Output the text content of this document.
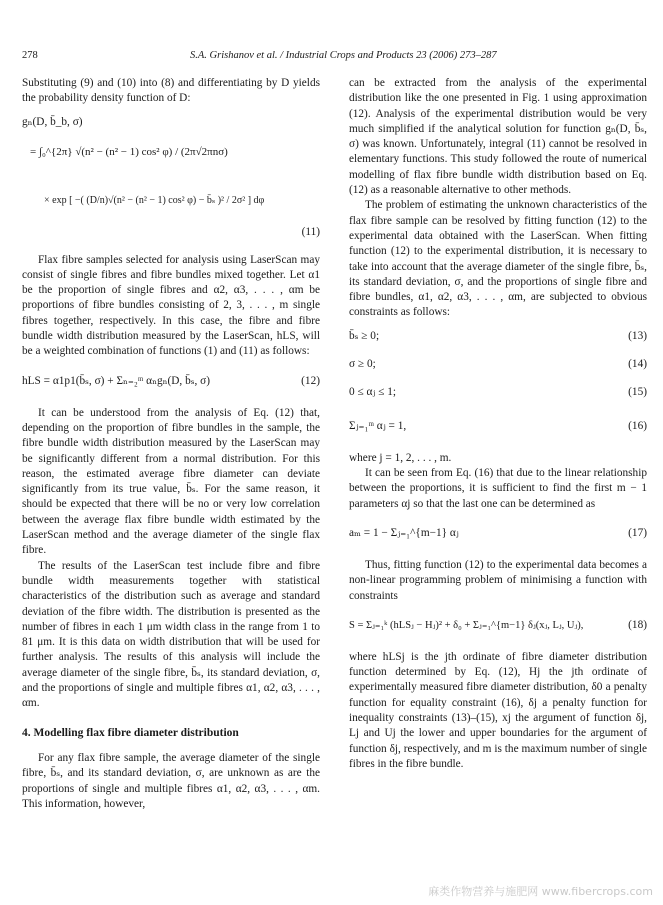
278	S.A. Grishanov et al. / Industrial Crops and Products 23 (2006) 273–287

Substituting (9) and (10) into (8) and differentiating by D yields the probability density function of D:

gₙ(D, b̄_b, σ)
= ∫₀^{2π} √(n² − (n² − 1) cos² φ) / (2π√2πnσ)
× exp [ −( (D/n)√(n² − (n² − 1) cos² φ) − b̄ₛ )² / 2σ² ] dφ
(11)

Flax fibre samples selected for analysis using LaserScan may consist of single fibres and fibre bundles mixed together. Let α1 be the proportion of single fibres and α2, α3, . . . , αm be proportions of fibre bundles consisting of 2, 3, . . . , m single fibres together, respectively. In this case, the fibre and fibre bundle width distribution measured by the LaserScan, hLS, will be a weighted combination of functions (1) and (11) as follows:

hLS = α1p1(b̄ₛ, σ) + Σₙ₌₂ᵐ αₙgₙ(D, b̄ₛ, σ)	(12)

It can be understood from the analysis of Eq. (12) that, depending on the proportion of fibre bundles in the sample, the fibre bundle width distribution measured by the LaserScan may be significantly different from a normal distribution. For this reason, the estimated average fibre diameter can deviate significantly from its true value, b̄ₛ. For the same reason, it should be expected that there will be no or very low correlation between the average flax fibre bundle width estimated by the LaserScan method and the average diameter of the single flax fibre.

The results of the LaserScan test include fibre and fibre bundle width measurements together with statistical characteristics of the distribution such as average and standard deviation of the fibre width. The distribution is presented as the number of fibres in each 1 μm width class in the range from 1 to 81 μm. It is this data on width distribution that will be used for further analysis. The results of this analysis will include the average diameter of the single fibre, b̄ₛ, its standard deviation, σ, and the proportions of single and multiple fibres α1, α2, α3, . . . , αm.

4. Modelling flax fibre diameter distribution

For any flax fibre sample, the average diameter of the single fibre, b̄ₛ, and its standard deviation, σ, are unknown as are the proportions of single and multiple fibres α1, α2, α3, . . . , αm. This information, however,

can be extracted from the analysis of the experimental distribution like the one presented in Fig. 1 using approximation (12). Analysis of the experimental distribution would be very much simplified if the analytical solution for function gₙ(D, b̄ₛ, σ) was known. Unfortunately, integral (11) cannot be resolved in elementary functions. This study followed the route of numerical modelling of flax fibre bundle width distribution based on Eq. (12) as a reasonable alternative to other methods.

The problem of estimating the unknown characteristics of the flax fibre sample can be resolved by fitting function (12) to the experimental data obtained with the LaserScan. When fitting function (12) to the experimental distribution, it is necessary to take into account that the average diameter of the single fibre, b̄ₛ, its standard deviation, σ, and the proportions of single fibre and fibre bundles, α1, α2, α3, . . . , αm, are subjected to obvious constraints as follows:

b̄ₛ ≥ 0;	(13)
σ ≥ 0;	(14)
0 ≤ αⱼ ≤ 1;	(15)
Σⱼ₌₁ᵐ αⱼ = 1,	(16)

where j = 1, 2, . . . , m.

It can be seen from Eq. (16) that due to the linear relationship between the proportions, it is sufficient to find the first m − 1 parameters αj so that the last one can be determined as

aₘ = 1 − Σⱼ₌₁^{m−1} αⱼ	(17)

Thus, fitting function (12) to the experimental data becomes a non-linear programming problem of minimising a function with constraints

S = Σⱼ₌₁ᵏ (hLSⱼ − Hⱼ)² + δ₀ + Σⱼ₌₁^{m−1} δⱼ(xⱼ, Lⱼ, Uⱼ),	(18)

where hLSj is the jth ordinate of fibre diameter distribution function determined by Eq. (12), Hj the jth ordinate of experimentally measured fibre diameter distribution, δ0 a penalty function for equality constraint (16), δj a penalty function for inequality constraints (13)–(15), xj the argument of function δj, Lj and Uj the lower and upper boundaries for the argument of function δj, respectively, and m is the maximum number of single fibres in the fibre bundle.

麻类作物营养与施肥网 www.fibercrops.com
